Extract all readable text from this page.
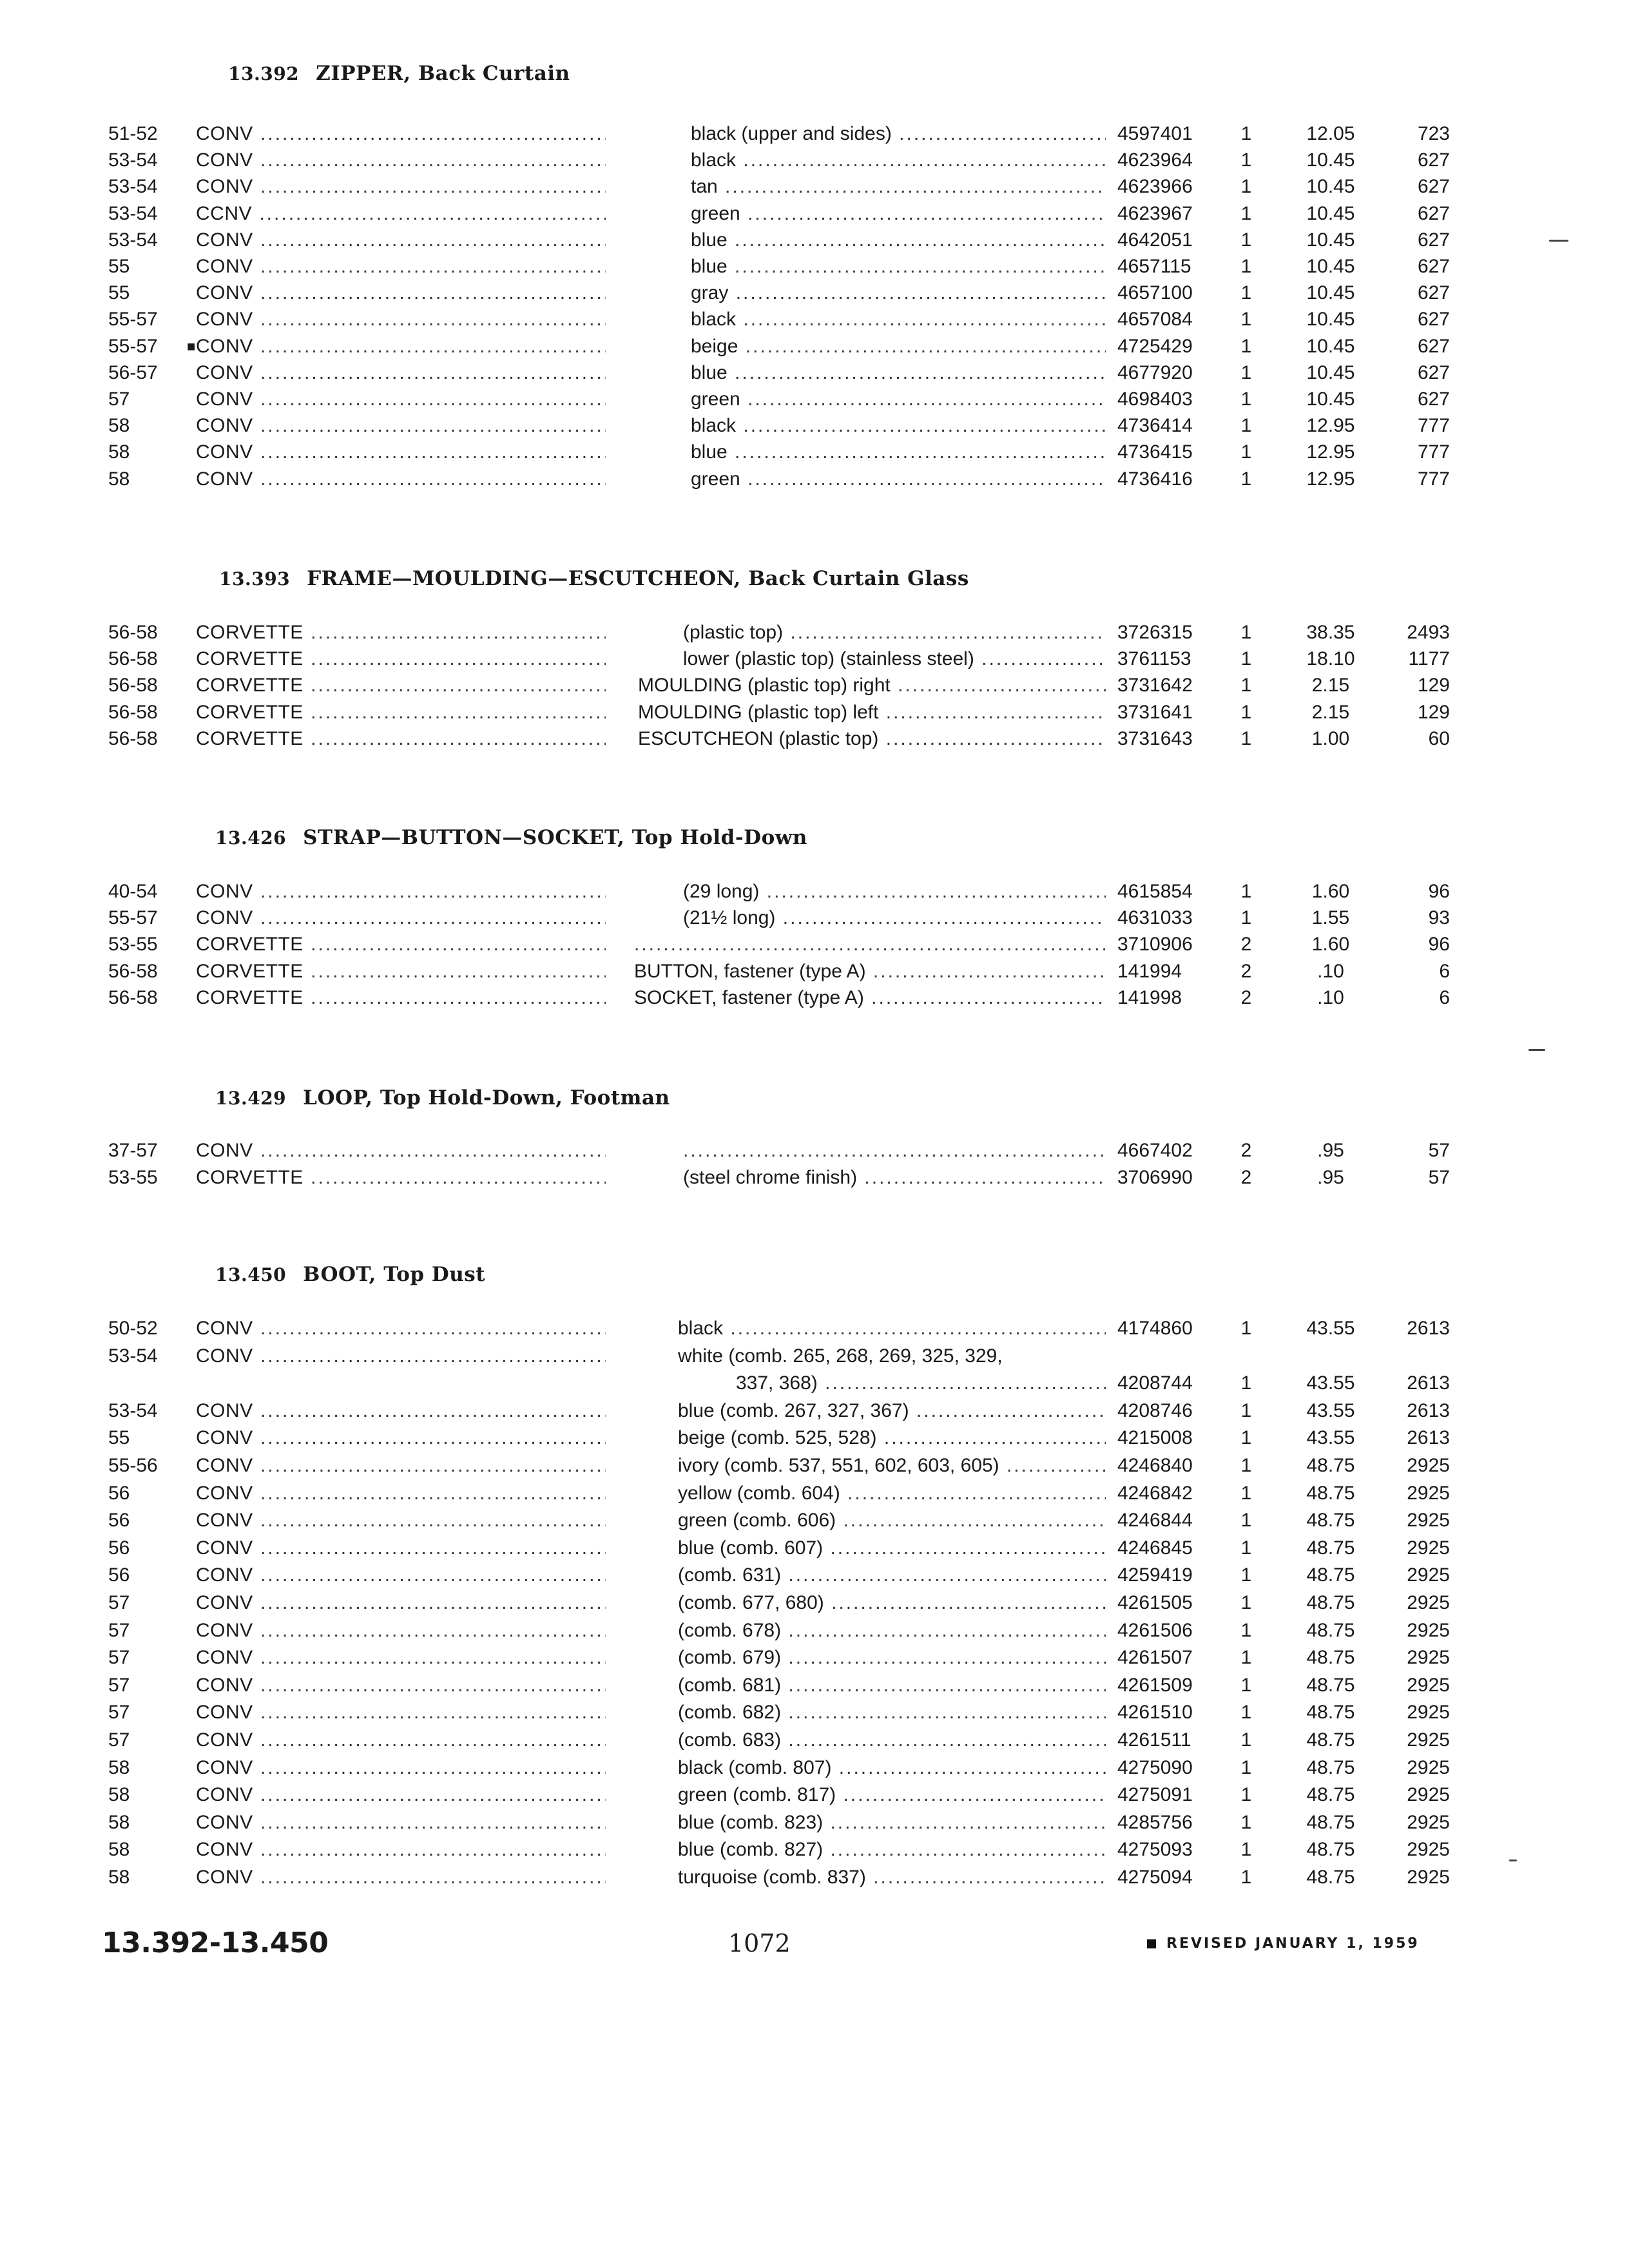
13.392 ZIPPER, Back Curtain
51-52 CONV .....	black (upper and sides) .....	4597401	1	12.05	723
53-54 CONV .....	black .....	4623964	1	10.45	627
53-54 CONV .....	tan .....	4623966	1	10.45	627
53-54 CCNV .....	green .....	4623967	1	10.45	627
53-54 CONV .....	blue .....	4642051	1	10.45	627
55	CONV .....	blue .....	4657115	1	10.45	627
55	CONV .....	gray .....	4657100	1	10.45	627
55-57 CONV .....	black .....	4657084	1	10.45	627
55-57 ■ CONV .....	beige .....	4725429	1	10.45	627
56-57 CONV .....	blue .....	4677920	1	10.45	627
57	CONV .....	green .....	4698403	1	10.45	627
58	CONV .....	black .....	4736414	1	12.95	777
58	CONV .....	blue .....	4736415	1	12.95	777
58	CONV .....	green .....	4736416	1	12.95	777
13.393 FRAME—MOULDING—ESCUTCHEON, Back Curtain Glass
56-58 CORVETTE .....	(plastic top) .....	3726315	1	38.35	2493
56-58 CORVETTE .....	lower (plastic top) (stainless steel) .....	3761153	1	18.10	1177
56-58 CORVETTE .....	MOULDING (plastic top) right .....	3731642	1	2.15	129
56-58 CORVETTE .....	MOULDING (plastic top) left .....	3731641	1	2.15	129
56-58 CORVETTE .....	ESCUTCHEON (plastic top) .....	3731643	1	1.00	60
13.426 STRAP—BUTTON—SOCKET, Top Hold-Down
40-54 CONV .....	(29 long) .....	4615854	1	1.60	96
55-57 CONV .....	(21½ long) .....	4631033	1	1.55	93
53-55 CORVETTE ..... .....	3710906	2	1.60	96
56-58 CORVETTE .....	BUTTON, fastener (type A) .....	141994	2	.10	6
56-58 CORVETTE .....	SOCKET, fastener (type A) .....	141998	2	.10	6
13.429 LOOP, Top Hold-Down, Footman
37-57 CONV ..... .....	4667402	2	.95	57
53-55 CORVETTE .....	(steel chrome finish) .....	3706990	2	.95	57
13.450 BOOT, Top Dust
50-52 CONV .....	black .....	4174860	1	43.55	2613
53-54 CONV .....	white (comb. 265, 268, 269, 325, 329,
337, 368) .....	4208744	1	43.55	2613
53-54 CONV .....	blue (comb. 267, 327, 367) .....	4208746	1	43.55	2613
55	CONV .....	beige (comb. 525, 528) .....	4215008	1	43.55	2613
55-56 CONV .....	ivory (comb. 537, 551, 602, 603, 605) .....	4246840	1	48.75	2925
56	CONV .....	yellow (comb. 604) .....	4246842	1	48.75	2925
56	CONV .....	green (comb. 606) .....	4246844	1	48.75	2925
56	CONV .....	blue (comb. 607) .....	4246845	1	48.75	2925
56	CONV .....	(comb. 631) .....	4259419	1	48.75	2925
57	CONV .....	(comb. 677, 680) .....	4261505	1	48.75	2925
57	CONV .....	(comb. 678) .....	4261506	1	48.75	2925
57	CONV .....	(comb. 679) .....	4261507	1	48.75	2925
57	CONV .....	(comb. 681) .....	4261509	1	48.75	2925
57	CONV .....	(comb. 682) .....	4261510	1	48.75	2925
57	CONV .....	(comb. 683) .....	4261511	1	48.75	2925
58	CONV .....	black (comb. 807) .....	4275090	1	48.75	2925
58	CONV .....	green (comb. 817) .....	4275091	1	48.75	2925
58	CONV .....	blue (comb. 823) .....	4285756	1	48.75	2925
58	CONV .....	blue (comb. 827) .....	4275093	1	48.75	2925
58	CONV .....	turquoise (comb. 837) .....	4275094	1	48.75	2925
13.392-13.450	1072	REVISED JANUARY 1, 1959
